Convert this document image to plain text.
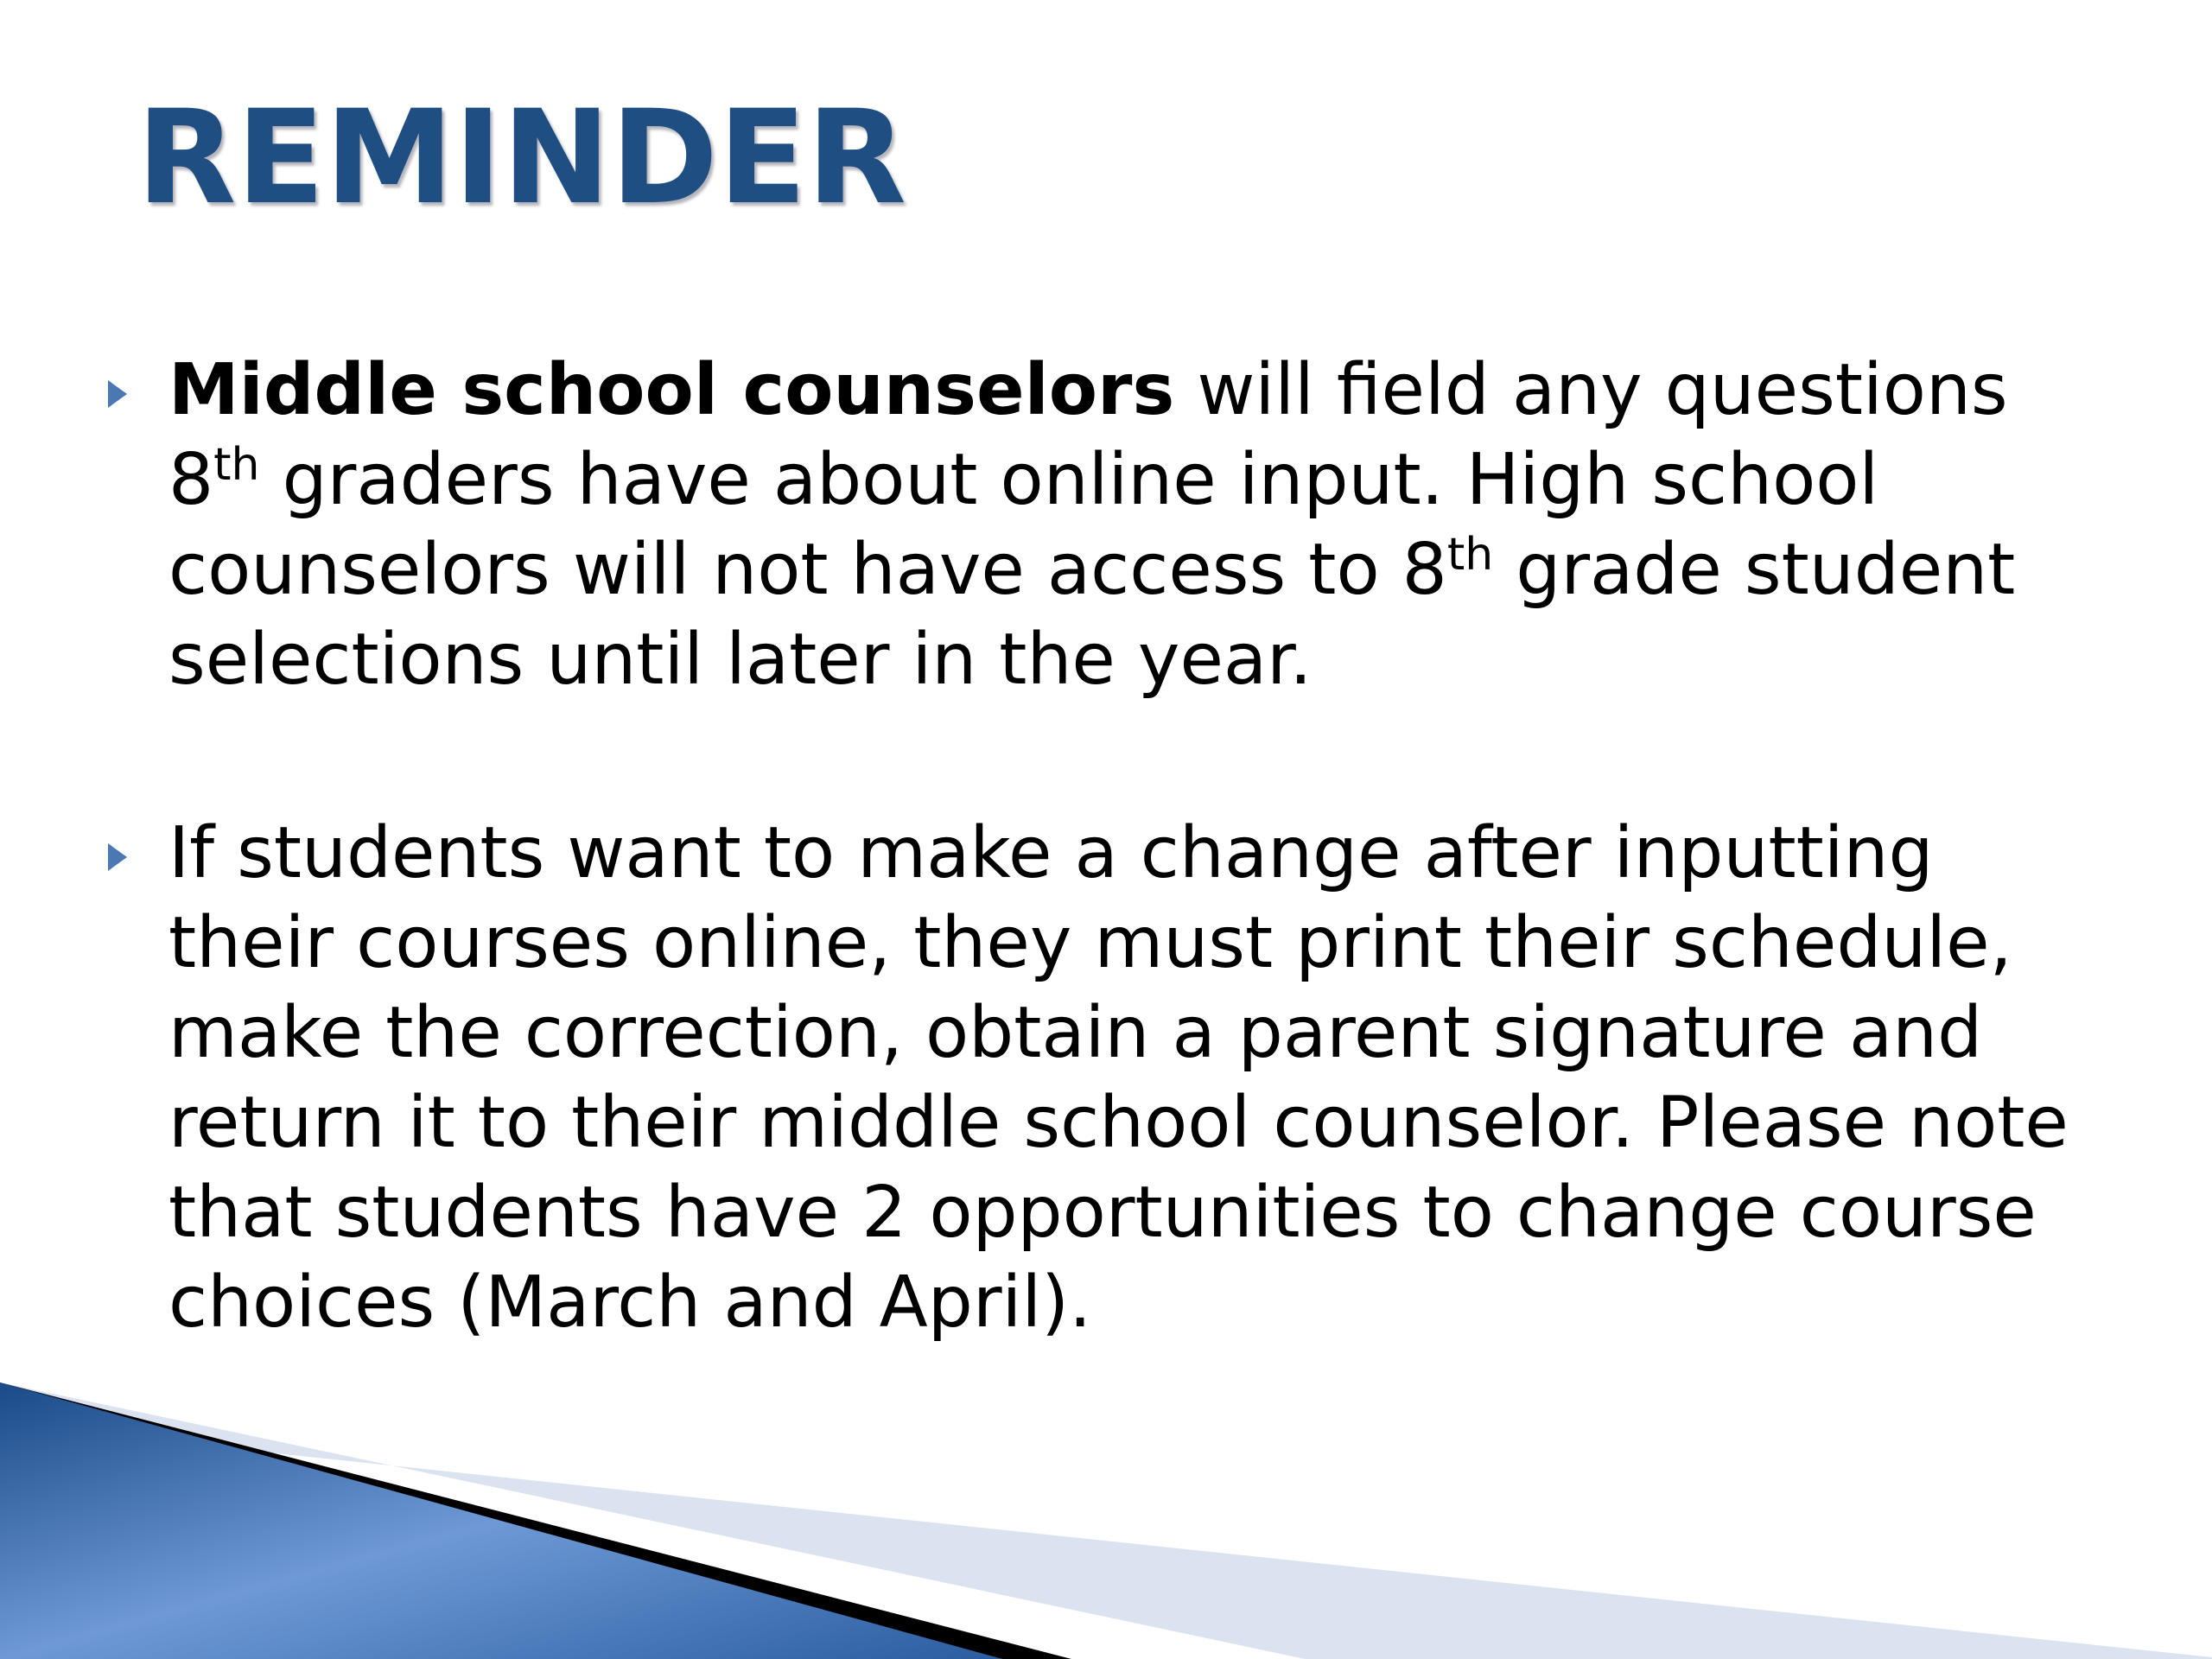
REMINDER

Middle school counselors will field any questions 8th graders have about online input. High school counselors will not have access to 8th grade student selections until later in the year.

If students want to make a change after inputting their courses online, they must print their schedule, make the correction, obtain a parent signature and return it to their middle school counselor. Please note that students have 2 opportunities to change course choices (March and April).
